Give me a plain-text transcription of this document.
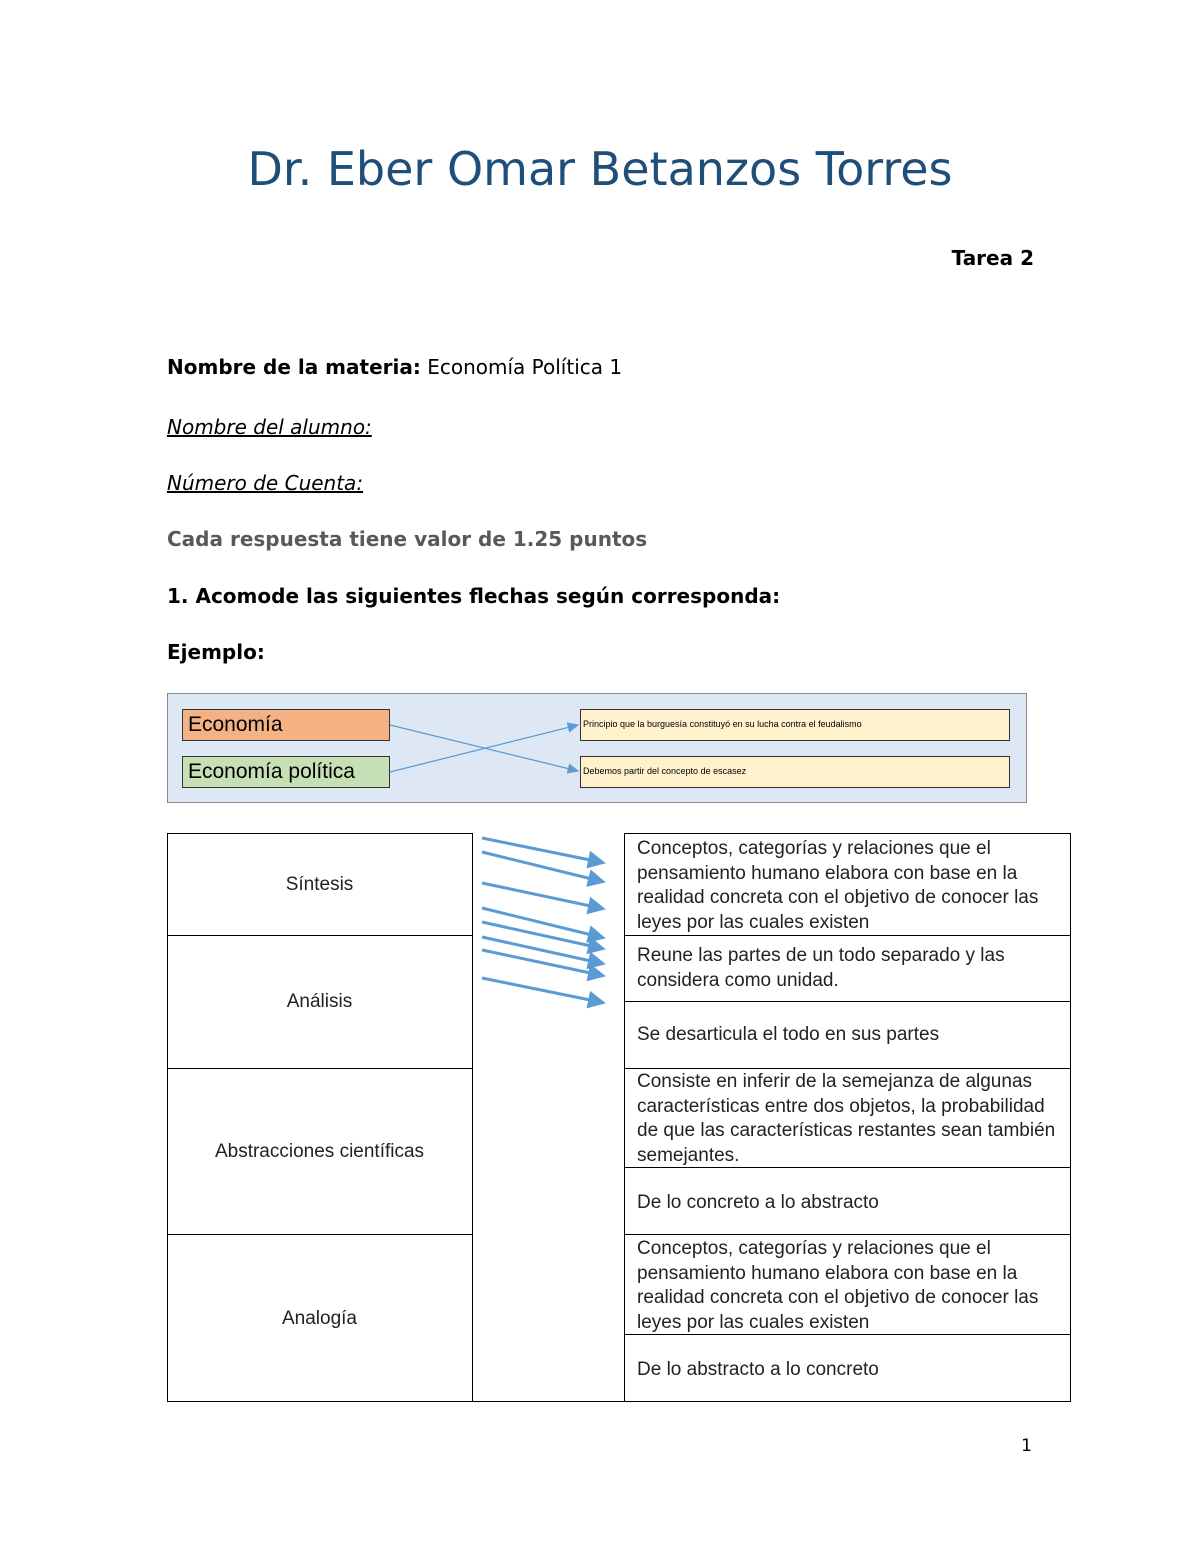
Dr. Eber Omar Betanzos Torres
Tarea 2
Nombre de la materia: Economía Política 1
Nombre del alumno:
Número de Cuenta:
Cada respuesta tiene valor de 1.25 puntos
1. Acomode las siguientes flechas según corresponda:
Ejemplo:
Economía
Economía política
Principio que la burguesía constituyó en su lucha contra el feudalismo
Debemos partir del concepto de escasez
Síntesis
Análisis
Abstracciones científicas
Analogía
Conceptos, categorías y relaciones que el pensamiento humano elabora con base en la realidad concreta con el objetivo de conocer las leyes por las cuales existen
Reune las partes de un todo separado y las considera como unidad.
Se desarticula el todo en sus partes
Consiste en inferir de la semejanza de algunas características entre dos objetos, la probabilidad de que las características restantes sean también semejantes.
De lo concreto a lo abstracto
Conceptos, categorías y relaciones que el pensamiento humano elabora con base en la realidad concreta con el objetivo de conocer las leyes por las cuales existen
De lo abstracto a lo concreto
1
